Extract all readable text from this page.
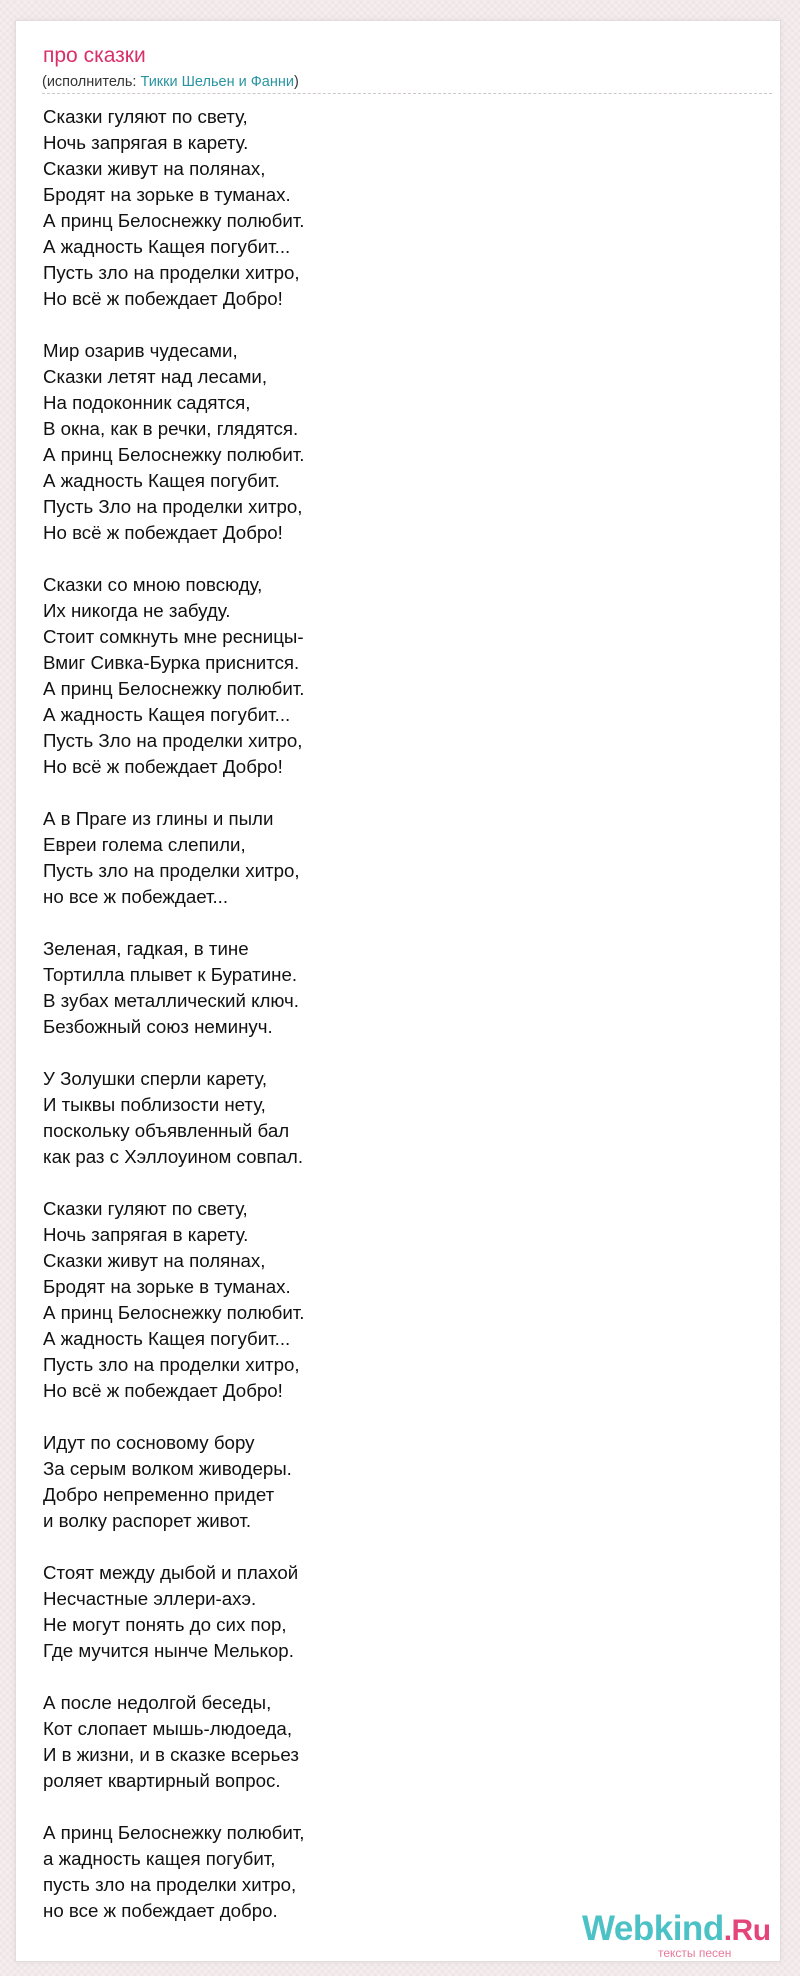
про сказки
(исполнитель: Тикки Шельен и Фанни)
Сказки гуляют по свету,
Ночь запрягая в карету.
Сказки живут на полянах,
Бродят на зорьке в туманах.
А принц Белоснежку полюбит.
А жадность Кащея погубит...
Пусть зло на проделки хитро,
Но всё ж побеждает Добро!
Мир озарив чудесами,
Сказки летят над лесами,
На подоконник садятся,
В окна, как в речки, глядятся.
А принц Белоснежку полюбит.
А жадность Кащея погубит.
Пусть Зло на проделки хитро,
Но всё ж побеждает Добро!
Сказки со мною повсюду,
Их никогда не забуду.
Стоит сомкнуть мне ресницы-
Вмиг Сивка-Бурка приснится.
А принц Белоснежку полюбит.
А жадность Кащея погубит...
Пусть Зло на проделки хитро,
Но всё ж побеждает Добро!
А в Праге из глины и пыли
Евреи голема слепили,
Пусть зло на проделки хитро,
но все ж побеждает...
Зеленая, гадкая, в тине
Тортилла плывет к Буратине.
В зубах металлический ключ.
Безбожный союз неминуч.
У Золушки сперли карету,
И тыквы поблизости нету,
поскольку объявленный бал
как раз с Хэллоуином совпал.
Сказки гуляют по свету,
Ночь запрягая в карету.
Сказки живут на полянах,
Бродят на зорьке в туманах.
А принц Белоснежку полюбит.
А жадность Кащея погубит...
Пусть зло на проделки хитро,
Но всё ж побеждает Добро!
Идут по сосновому бору
За серым волком живодеры.
Добро непременно придет
и волку распорет живот.
Стоят между дыбой и плахой
Несчастные эллери-ахэ.
Не могут понять до сих пор,
Где мучится нынче Мелькор.
А после недолгой беседы,
Кот слопает мышь-людоеда,
И в жизни, и в сказке всерьез
роляет квартирный вопрос.
А принц Белоснежку полюбит,
а жадность кащея погубит,
пусть зло на проделки хитро,
но все ж побеждает добро.	Webkind.Ru
тексты песен
